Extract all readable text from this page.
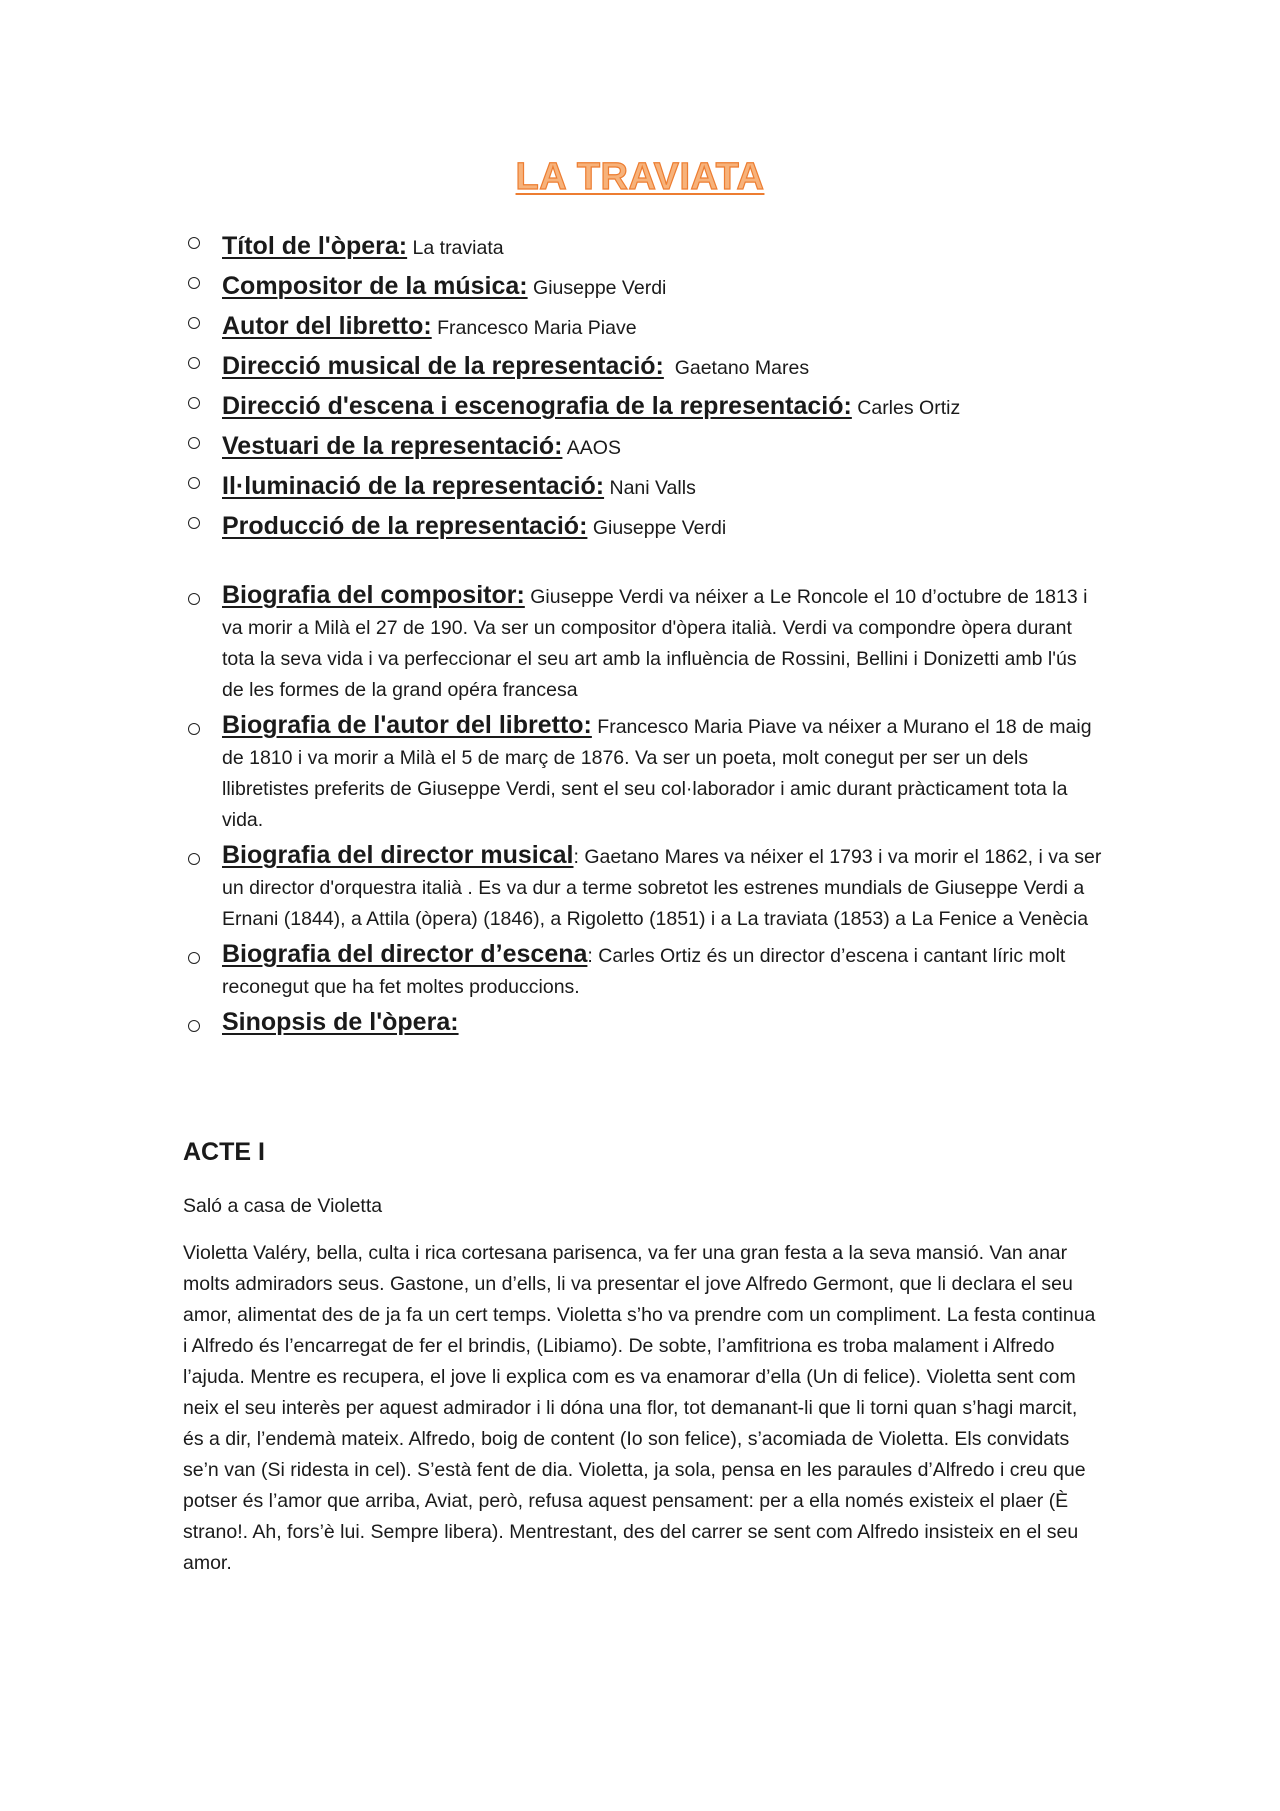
LA TRAVIATA
Títol de l'òpera: La traviata
Compositor de la música: Giuseppe Verdi
Autor del libretto: Francesco Maria Piave
Direcció musical de la representació:  Gaetano Mares
Direcció d'escena i escenografia de la representació: Carles Ortiz
Vestuari de la representació: AAOS
Il·luminació de la representació: Nani Valls
Producció de la representació: Giuseppe Verdi
Biografia del compositor: Giuseppe Verdi va néixer a Le Roncole el 10 d’octubre de 1813 i va morir a Milà el 27 de 190. Va ser un compositor d'òpera italià. Verdi va compondre òpera durant tota la seva vida i va perfeccionar el seu art amb la influència de Rossini, Bellini i Donizetti amb l'ús de les formes de la grand opéra francesa
Biografia de l'autor del libretto: Francesco Maria Piave va néixer a Murano el 18 de maig de 1810 i va morir a Milà el 5 de març de 1876. Va ser un poeta, molt conegut per ser un dels llibretistes preferits de Giuseppe Verdi, sent el seu col·laborador i amic durant pràcticament tota la vida.
Biografia del director musical: Gaetano Mares va néixer el 1793 i va morir el 1862, i va ser un director d'orquestra italià . Es va dur a terme sobretot les estrenes mundials de Giuseppe Verdi a Ernani (1844), a Attila (òpera) (1846), a Rigoletto (1851) i a La traviata (1853) a La Fenice a Venècia
Biografia del director d’escena: Carles Ortiz és un director d’escena i cantant líric molt reconegut que ha fet moltes produccions.
Sinopsis de l'òpera:
ACTE I
Saló a casa de Violetta

Violetta Valéry, bella, culta i rica cortesana parisenca, va fer una gran festa a la seva mansió. Van anar molts admiradors seus. Gastone, un d’ells, li va presentar el jove Alfredo Germont, que li declara el seu amor, alimentat des de ja fa un cert temps. Violetta s’ho va prendre com un compliment. La festa continua i Alfredo és l’encarregat de fer el brindis, (Libiamo). De sobte, l’amfitriona es troba malament i Alfredo l’ajuda. Mentre es recupera, el jove li explica com es va enamorar d’ella (Un di felice). Violetta sent com neix el seu interès per aquest admirador i li dóna una flor, tot demanant-li que li torni quan s’hagi marcit, és a dir, l’endemà mateix. Alfredo, boig de content (Io son felice), s’acomiada de Violetta. Els convidats se’n van (Si ridesta in cel). S’està fent de dia. Violetta, ja sola, pensa en les paraules d’Alfredo i creu que potser és l’amor que arriba, Aviat, però, refusa aquest pensament: per a ella només existeix el plaer (È strano!. Ah, fors’è lui. Sempre libera). Mentrestant, des del carrer se sent com Alfredo insisteix en el seu amor.
